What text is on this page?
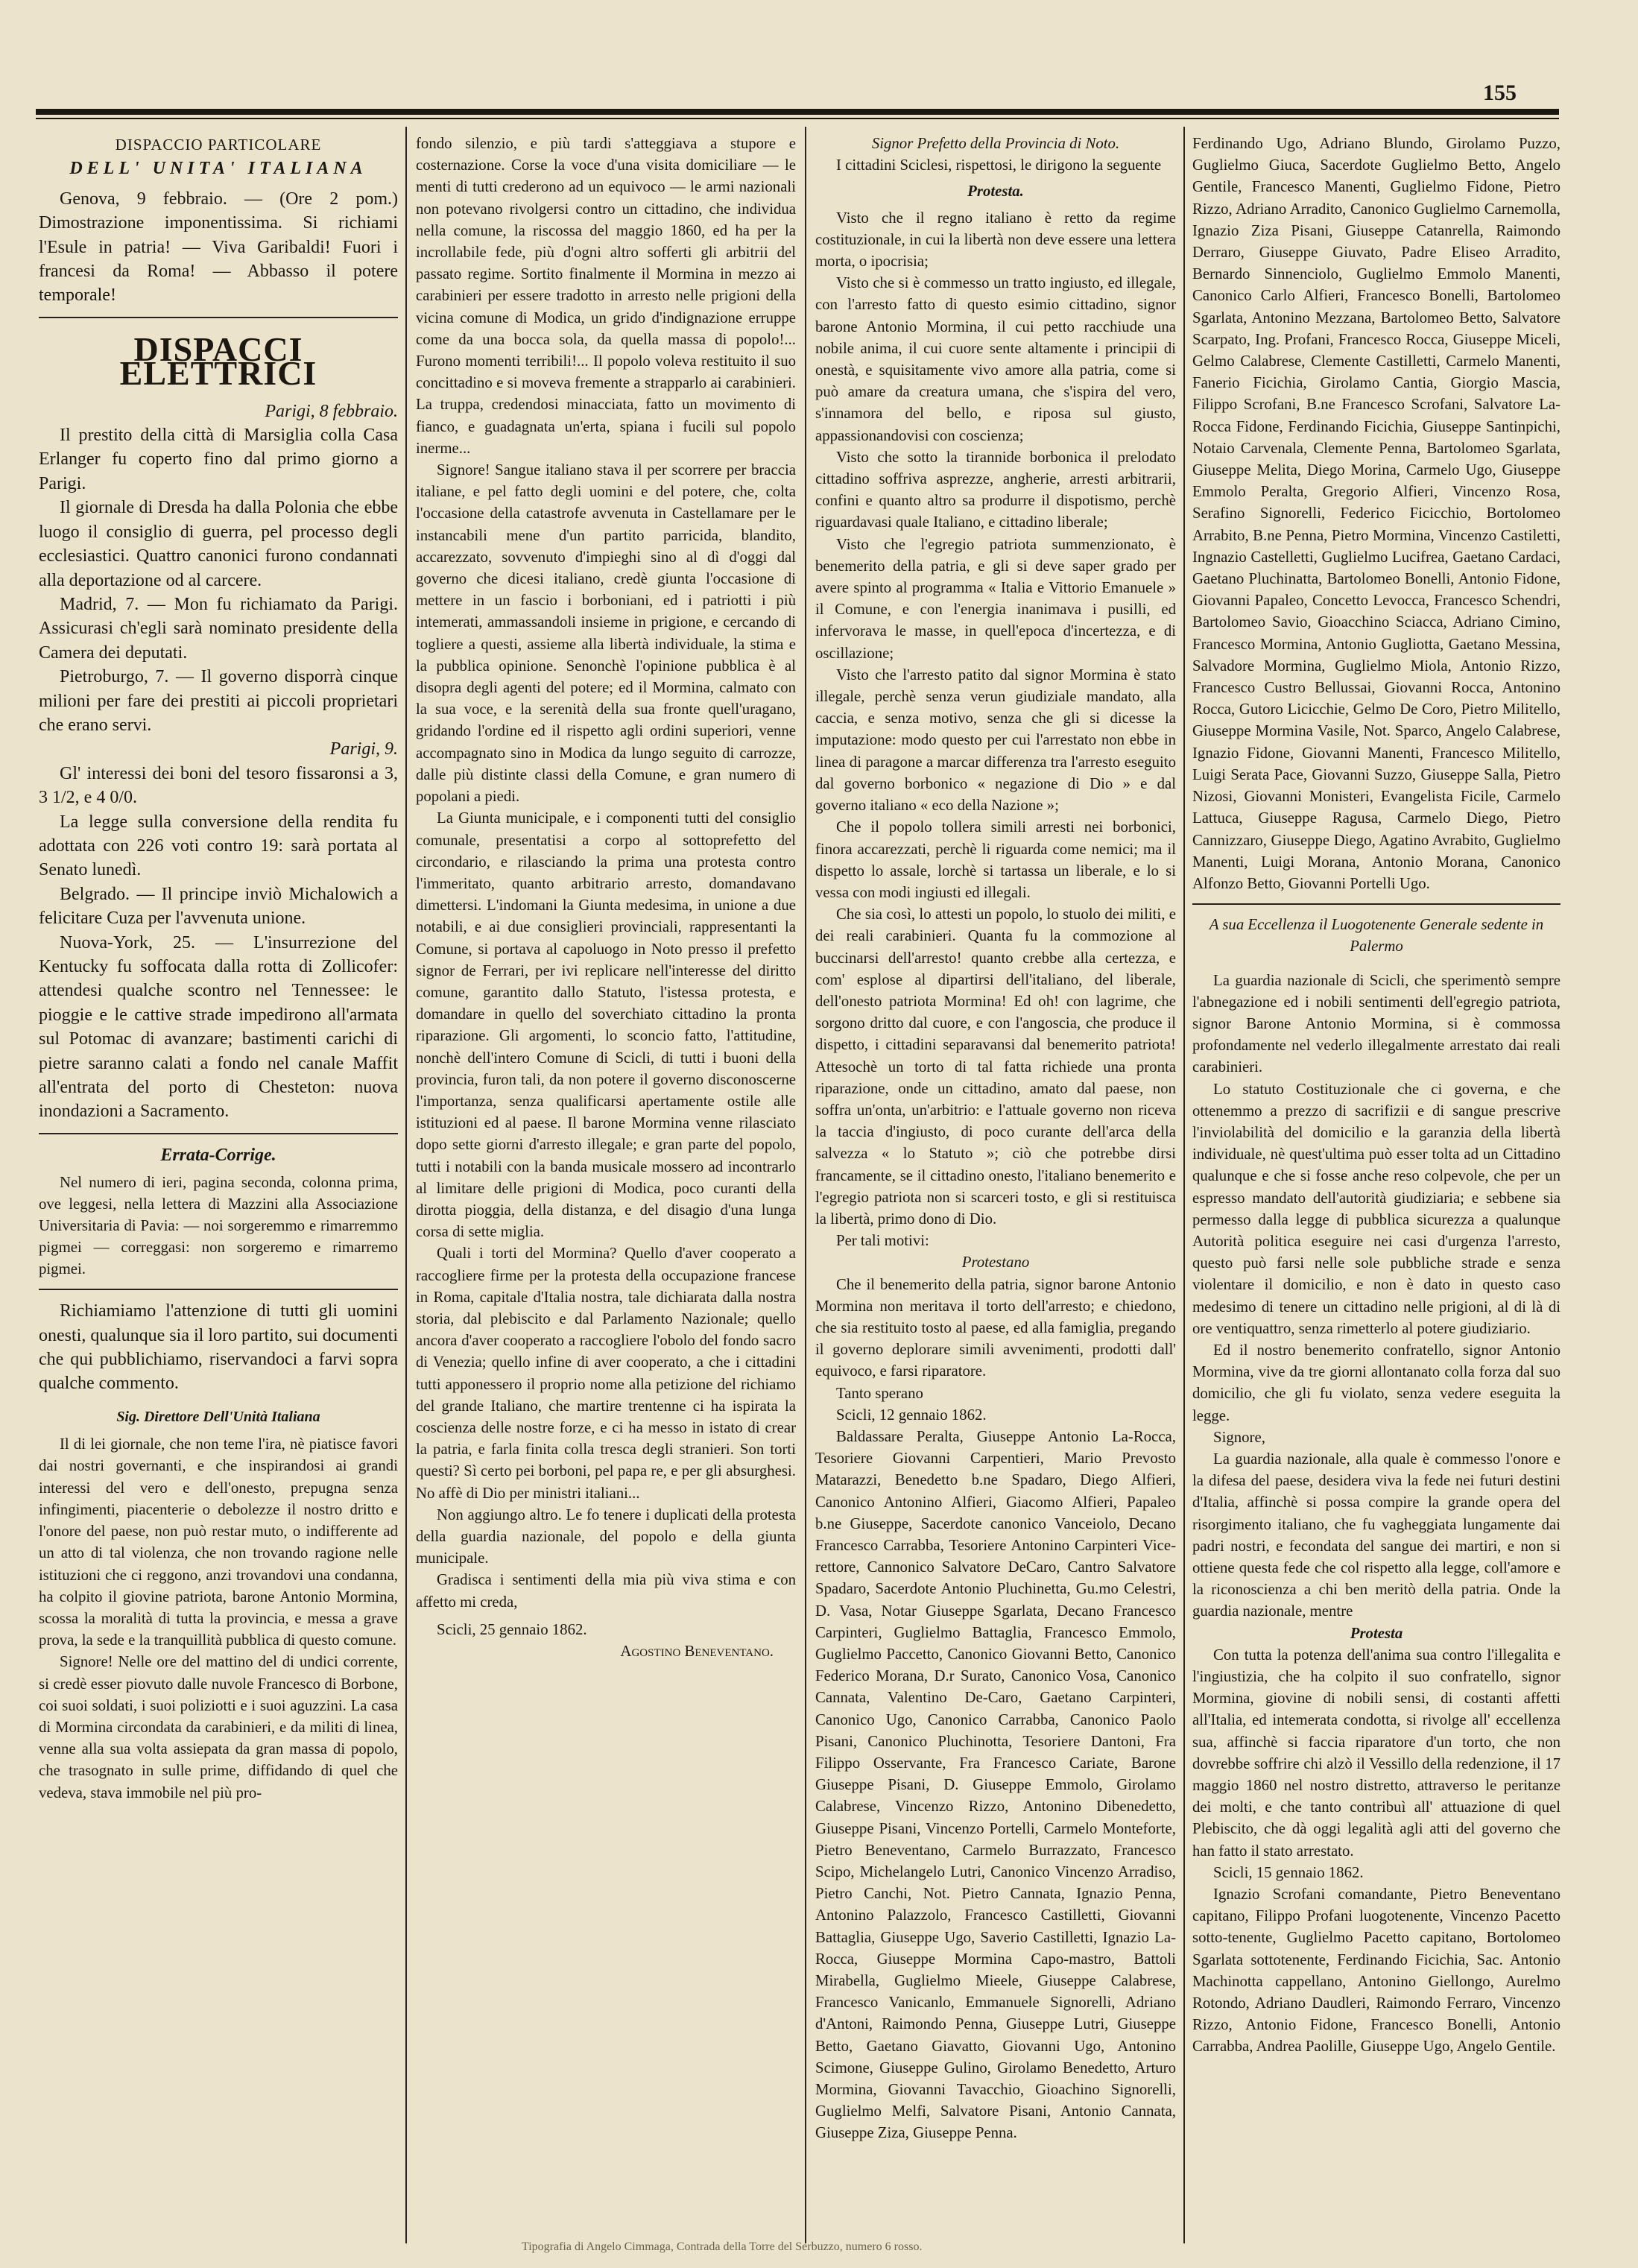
155

DISPACCIO PARTICOLARE

DELL' UNITA' ITALIANA

Genova, 9 febbraio. — (Ore 2 pom.) Dimostrazione imponentissima. Si richiami l'Esule in patria! — Viva Garibaldi! Fuori i francesi da Roma! — Abbasso il potere temporale!

DISPACCI ELETTRICI

Parigi, 8 febbraio.

Il prestito della città di Marsiglia colla Casa Erlanger fu coperto fino dal primo giorno a Parigi.

Il giornale di Dresda ha dalla Polonia che ebbe luogo il consiglio di guerra, pel processo degli ecclesiastici. Quattro canonici furono condannati alla deportazione od al carcere.

Madrid, 7. — Mon fu richiamato da Parigi. Assicurasi ch'egli sarà nominato presidente della Camera dei deputati.

Pietroburgo, 7. — Il governo disporrà cinque milioni per fare dei prestiti ai piccoli proprietari che erano servi.

Parigi, 9.

Gl' interessi dei boni del tesoro fissaronsi a 3, 3 1/2, e 4 0/0.

La legge sulla conversione della rendita fu adottata con 226 voti contro 19: sarà portata al Senato lunedì.

Belgrado. — Il principe inviò Michalowich a felicitare Cuza per l'avvenuta unione.

Nuova-York, 25. — L'insurrezione del Kentucky fu soffocata dalla rotta di Zollicofer: attendesi qualche scontro nel Tennessee: le pioggie e le cattive strade impedirono all'armata sul Potomac di avanzare; bastimenti carichi di pietre saranno calati a fondo nel canale Maffit all'entrata del porto di Chesteton: nuova inondazioni a Sacramento.

Errata-Corrige.

Nel numero di ieri, pagina seconda, colonna prima, ove leggesi, nella lettera di Mazzini alla Associazione Universitaria di Pavia: — noi sorgeremmo e rimarremmo pigmei — correggasi: non sorgeremo e rimarremo pigmei.

Richiamiamo l'attenzione di tutti gli uomini onesti, qualunque sia il loro partito, sui documenti che qui pubblichiamo, riservandoci a farvi sopra qualche commento.

Sig. Direttore Dell'Unità Italiana

Il di lei giornale, che non teme l'ira, nè piatisce favori dai nostri governanti, e che inspirandosi ai grandi interessi del vero e dell'onesto, prepugna senza infingimenti, piacenterie o debolezze il nostro dritto e l'onore del paese, non può restar muto, o indifferente ad un atto di tal violenza, che non trovando ragione nelle istituzioni che ci reggono, anzi trovandovi una condanna, ha colpito il giovine patriota, barone Antonio Mormina, scossa la moralità di tutta la provincia, e messa a grave prova, la sede e la tranquillità pubblica di questo comune.

Signore! Nelle ore del mattino del di undici corrente, si credè esser piovuto dalle nuvole Francesco di Borbone, coi suoi soldati, i suoi poliziotti e i suoi aguzzini. La casa di Mormina circondata da carabinieri, e da militi di linea, venne alla sua volta assiepata da gran massa di popolo, che trasognato in sulle prime, diffidando di quel che vedeva, stava immobile nel più pro-

fondo silenzio, e più tardi s'atteggiava a stupore e costernazione. Corse la voce d'una visita domiciliare — le menti di tutti crederono ad un equivoco — le armi nazionali non potevano rivolgersi contro un cittadino, che individua nella comune, la riscossa del maggio 1860, ed ha per la incrollabile fede, più d'ogni altro sofferti gli arbitrii del passato regime. Sortito finalmente il Mormina in mezzo ai carabinieri per essere tradotto in arresto nelle prigioni della vicina comune di Modica, un grido d'indignazione erruppe come da una bocca sola, da quella massa di popolo!... Furono momenti terribili!... Il popolo voleva restituito il suo concittadino e si moveva fremente a strapparlo ai carabinieri. La truppa, credendosi minacciata, fatto un movimento di fianco, e guadagnata un'erta, spiana i fucili sul popolo inerme...

Signore! Sangue italiano stava il per scorrere per braccia italiane, e pel fatto degli uomini e del potere, che, colta l'occasione della catastrofe avvenuta in Castellamare per le instancabili mene d'un partito parricida, blandito, accarezzato, sovvenuto d'impieghi sino al dì d'oggi dal governo che dicesi italiano, credè giunta l'occasione di mettere in un fascio i borboniani, ed i patriotti i più intemerati, ammassandoli insieme in prigione, e cercando di togliere a questi, assieme alla libertà individuale, la stima e la pubblica opinione. Senonchè l'opinione pubblica è al disopra degli agenti del potere; ed il Mormina, calmato con la sua voce, e la serenità della sua fronte quell'uragano, gridando l'ordine ed il rispetto agli ordini superiori, venne accompagnato sino in Modica da lungo seguito di carrozze, dalle più distinte classi della Comune, e gran numero di popolani a piedi.

La Giunta municipale, e i componenti tutti del consiglio comunale, presentatisi a corpo al sottoprefetto del circondario, e rilasciando la prima una protesta contro l'immeritato, quanto arbitrario arresto, domandavano dimettersi. L'indomani la Giunta medesima, in unione a due notabili, e ai due consiglieri provinciali, rappresentanti la Comune, si portava al capoluogo in Noto presso il prefetto signor de Ferrari, per ivi replicare nell'interesse del diritto comune, garantito dallo Statuto, l'istessa protesta, e domandare in quello del soverchiato cittadino la pronta riparazione. Gli argomenti, lo sconcio fatto, l'attitudine, nonchè dell'intero Comune di Scicli, di tutti i buoni della provincia, furon tali, da non potere il governo disconoscerne l'importanza, senza qualificarsi apertamente ostile alle istituzioni ed al paese. Il barone Mormina venne rilasciato dopo sette giorni d'arresto illegale; e gran parte del popolo, tutti i notabili con la banda musicale mossero ad incontrarlo al limitare delle prigioni di Modica, poco curanti della dirotta pioggia, della distanza, e del disagio d'una lunga corsa di sette miglia.

Quali i torti del Mormina? Quello d'aver cooperato a raccogliere firme per la protesta della occupazione francese in Roma, capitale d'Italia nostra, tale dichiarata dalla nostra storia, dal plebiscito e dal Parlamento Nazionale; quello ancora d'aver cooperato a raccogliere l'obolo del fondo sacro di Venezia; quello infine di aver cooperato, a che i cittadini tutti apponessero il proprio nome alla petizione del richiamo del grande Italiano, che martire trentenne ci ha ispirata la coscienza delle nostre forze, e ci ha messo in istato di crear la patria, e farla finita colla tresca degli stranieri. Son torti questi? Sì certo pei borboni, pel papa re, e per gli absurghesi. No affè di Dio per ministri italiani...

Non aggiungo altro. Le fo tenere i duplicati della protesta della guardia nazionale, del popolo e della giunta municipale.

Gradisca i sentimenti della mia più viva stima e con affetto mi creda,

Scicli, 25 gennaio 1862.

Agostino Beneventano.

Signor Prefetto della Provincia di Noto.

I cittadini Sciclesi, rispettosi, le dirigono la seguente

Protesta.

Visto che il regno italiano è retto da regime costituzionale, in cui la libertà non deve essere una lettera morta, o ipocrisia;

Visto che si è commesso un tratto ingiusto, ed illegale, con l'arresto fatto di questo esimio cittadino, signor barone Antonio Mormina, il cui petto racchiude una nobile anima, il cui cuore sente altamente i principii di onestà, e squisitamente vivo amore alla patria, come si può amare da creatura umana, che s'ispira del vero, s'innamora del bello, e riposa sul giusto, appassionandovisi con coscienza;

Visto che sotto la tirannide borbonica il prelodato cittadino soffriva asprezze, angherie, arresti arbitrarii, confini e quanto altro sa produrre il dispotismo, perchè riguardavasi quale Italiano, e cittadino liberale;

Visto che l'egregio patriota summenzionato, è benemerito della patria, e gli si deve saper grado per avere spinto al programma « Italia e Vittorio Emanuele » il Comune, e con l'energia inanimava i pusilli, ed infervorava le masse, in quell'epoca d'incertezza, e di oscillazione;

Visto che l'arresto patito dal signor Mormina è stato illegale, perchè senza verun giudiziale mandato, alla caccia, e senza motivo, senza che gli si dicesse la imputazione: modo questo per cui l'arrestato non ebbe in linea di paragone a marcar differenza tra l'arresto eseguito dal governo borbonico « negazione di Dio » e dal governo italiano « eco della Nazione »;

Che il popolo tollera simili arresti nei borbonici, finora accarezzati, perchè li riguarda come nemici; ma il dispetto lo assale, lorchè si tartassa un liberale, e lo si vessa con modi ingiusti ed illegali.

Che sia così, lo attesti un popolo, lo stuolo dei militi, e dei reali carabinieri. Quanta fu la commozione al buccinarsi dell'arresto! quanto crebbe alla certezza, e com' esplose al dipartirsi dell'italiano, del liberale, dell'onesto patriota Mormina! Ed oh! con lagrime, che sorgono dritto dal cuore, e con l'angoscia, che produce il dispetto, i cittadini separavansi dal benemerito patriota! Attesochè un torto di tal fatta richiede una pronta riparazione, onde un cittadino, amato dal paese, non soffra un'onta, un'arbitrio: e l'attuale governo non riceva la taccia d'ingiusto, di poco curante dell'arca della salvezza « lo Statuto »; ciò che potrebbe dirsi francamente, se il cittadino onesto, l'italiano benemerito e l'egregio patriota non si scarceri tosto, e gli si restituisca la libertà, primo dono di Dio.

Per tali motivi:

Protestano

Che il benemerito della patria, signor barone Antonio Mormina non meritava il torto dell'arresto; e chiedono, che sia restituito tosto al paese, ed alla famiglia, pregando il governo deplorare simili avvenimenti, prodotti dall' equivoco, e farsi riparatore.

Tanto sperano

Scicli, 12 gennaio 1862.

Baldassare Peralta, Giuseppe Antonio La-Rocca, Tesoriere Giovanni Carpentieri, Mario Prevosto Matarazzi, Benedetto b.ne Spadaro, Diego Alfieri, Canonico Antonino Alfieri, Giacomo Alfieri, Papaleo b.ne Giuseppe, Sacerdote canonico Vanceiolo, Decano Francesco Carrabba, Tesoriere Antonino Carpinteri Vice-rettore, Cannonico Salvatore DeCaro, Cantro Salvatore Spadaro, Sacerdote Antonio Pluchinetta, Gu.mo Celestri, D. Vasa, Notar Giuseppe Sgarlata, Decano Francesco Carpinteri, Guglielmo Battaglia, Francesco Emmolo, Guglielmo Paccetto, Canonico Giovanni Betto, Canonico Federico Morana, D.r Surato, Canonico Vosa, Canonico Cannata, Valentino De-Caro, Gaetano Carpinteri, Canonico Ugo, Canonico Carrabba, Canonico Paolo Pisani, Canonico Pluchinotta, Tesoriere Dantoni, Fra Filippo Osservante, Fra Francesco Cariate, Barone Giuseppe Pisani, D. Giuseppe Emmolo, Girolamo Calabrese, Vincenzo Rizzo, Antonino Dibenedetto, Giuseppe Pisani, Vincenzo Portelli, Carmelo Monteforte, Pietro Beneventano, Carmelo Burrazzato, Francesco Scipo, Michelangelo Lutri, Canonico Vincenzo Arradiso, Pietro Canchi, Not. Pietro Cannata, Ignazio Penna, Antonino Palazzolo, Francesco Castilletti, Giovanni Battaglia, Giuseppe Ugo, Saverio Castilletti, Ignazio La-Rocca, Giuseppe Mormina Capo-mastro, Battoli Mirabella, Guglielmo Mieele, Giuseppe Calabrese, Francesco Vanicanlo, Emmanuele Signorelli, Adriano d'Antoni, Raimondo Penna, Giuseppe Lutri, Giuseppe Betto, Gaetano Giavatto, Giovanni Ugo, Antonino Scimone, Giuseppe Gulino, Girolamo Benedetto, Arturo Mormina, Giovanni Tavacchio, Gioachino Signorelli, Guglielmo Melfi, Salvatore Pisani, Antonio Cannata, Giuseppe Ziza, Giuseppe Penna.

Ferdinando Ugo, Adriano Blundo, Girolamo Puzzo, Guglielmo Giuca, Sacerdote Guglielmo Betto, Angelo Gentile, Francesco Manenti, Guglielmo Fidone, Pietro Rizzo, Adriano Arradito, Canonico Guglielmo Carnemolla, Ignazio Ziza Pisani, Giuseppe Catanrella, Raimondo Derraro, Giuseppe Giuvato, Padre Eliseo Arradito, Bernardo Sinnenciolo, Guglielmo Emmolo Manenti, Canonico Carlo Alfieri, Francesco Bonelli, Bartolomeo Sgarlata, Antonino Mezzana, Bartolomeo Betto, Salvatore Scarpato, Ing. Profani, Francesco Rocca, Giuseppe Miceli, Gelmo Calabrese, Clemente Castilletti, Carmelo Manenti, Fanerio Ficichia, Girolamo Cantia, Giorgio Mascia, Filippo Scrofani, B.ne Francesco Scrofani, Salvatore La-Rocca Fidone, Ferdinando Ficichia, Giuseppe Santinpichi, Notaio Carvenala, Clemente Penna, Bartolomeo Sgarlata, Giuseppe Melita, Diego Morina, Carmelo Ugo, Giuseppe Emmolo Peralta, Gregorio Alfieri, Vincenzo Rosa, Serafino Signorelli, Federico Ficicchio, Bortolomeo Arrabito, B.ne Penna, Pietro Mormina, Vincenzo Castiletti, Ingnazio Castelletti, Guglielmo Lucifrea, Gaetano Cardaci, Gaetano Pluchinatta, Bartolomeo Bonelli, Antonio Fidone, Giovanni Papaleo, Concetto Levocca, Francesco Schendri, Bartolomeo Savio, Gioacchino Sciacca, Adriano Cimino, Francesco Mormina, Antonio Gugliotta, Gaetano Messina, Salvadore Mormina, Guglielmo Miola, Antonio Rizzo, Francesco Custro Bellussai, Giovanni Rocca, Antonino Rocca, Gutoro Licicchie, Gelmo De Coro, Pietro Militello, Giuseppe Mormina Vasile, Not. Sparco, Angelo Calabrese, Ignazio Fidone, Giovanni Manenti, Francesco Militello, Luigi Serata Pace, Giovanni Suzzo, Giuseppe Salla, Pietro Nizosi, Giovanni Monisteri, Evangelista Ficile, Carmelo Lattuca, Giuseppe Ragusa, Carmelo Diego, Pietro Cannizzaro, Giuseppe Diego, Agatino Avrabito, Guglielmo Manenti, Luigi Morana, Antonio Morana, Canonico Alfonzo Betto, Giovanni Portelli Ugo.

A sua Eccellenza il Luogotenente Generale sedente in Palermo

La guardia nazionale di Scicli, che sperimentò sempre l'abnegazione ed i nobili sentimenti dell'egregio patriota, signor Barone Antonio Mormina, si è commossa profondamente nel vederlo illegalmente arrestato dai reali carabinieri.

Lo statuto Costituzionale che ci governa, e che ottenemmo a prezzo di sacrifizii e di sangue prescrive l'inviolabilità del domicilio e la garanzia della libertà individuale, nè quest'ultima può esser tolta ad un Cittadino qualunque e che si fosse anche reso colpevole, che per un espresso mandato dell'autorità giudiziaria; e sebbene sia permesso dalla legge di pubblica sicurezza a qualunque Autorità politica eseguire nei casi d'urgenza l'arresto, questo può farsi nelle sole pubbliche strade e senza violentare il domicilio, e non è dato in questo caso medesimo di tenere un cittadino nelle prigioni, al di là di ore ventiquattro, senza rimetterlo al potere giudiziario.

Ed il nostro benemerito confratello, signor Antonio Mormina, vive da tre giorni allontanato colla forza dal suo domicilio, che gli fu violato, senza vedere eseguita la legge.

Signore,

La guardia nazionale, alla quale è commesso l'onore e la difesa del paese, desidera viva la fede nei futuri destini d'Italia, affinchè si possa compire la grande opera del risorgimento italiano, che fu vagheggiata lungamente dai padri nostri, e fecondata del sangue dei martiri, e non si ottiene questa fede che col rispetto alla legge, coll'amore e la riconoscienza a chi ben meritò della patria. Onde la guardia nazionale, mentre

Protesta

Con tutta la potenza dell'anima sua contro l'illegalita e l'ingiustizia, che ha colpito il suo confratello, signor Mormina, giovine di nobili sensi, di costanti affetti all'Italia, ed intemerata condotta, si rivolge all' eccellenza sua, affinchè si faccia riparatore d'un torto, che non dovrebbe soffrire chi alzò il Vessillo della redenzione, il 17 maggio 1860 nel nostro distretto, attraverso le peritanze dei molti, e che tanto contribuì all' attuazione di quel Plebiscito, che dà oggi legalità agli atti del governo che han fatto il stato arrestato.

Scicli, 15 gennaio 1862.

Ignazio Scrofani comandante, Pietro Beneventano capitano, Filippo Profani luogotenente, Vincenzo Pacetto sotto-tenente, Guglielmo Pacetto capitano, Bortolomeo Sgarlata sottotenente, Ferdinando Ficichia, Sac. Antonio Machinotta cappellano, Antonino Giellongo, Aurelmo Rotondo, Adriano Daudleri, Raimondo Ferraro, Vincenzo Rizzo, Antonio Fidone, Francesco Bonelli, Antonio Carrabba, Andrea Paolille, Giuseppe Ugo, Angelo Gentile.

Tipografia di Angelo Cimmaga, Contrada della Torre del Serbuzzo, numero 6 rosso.
